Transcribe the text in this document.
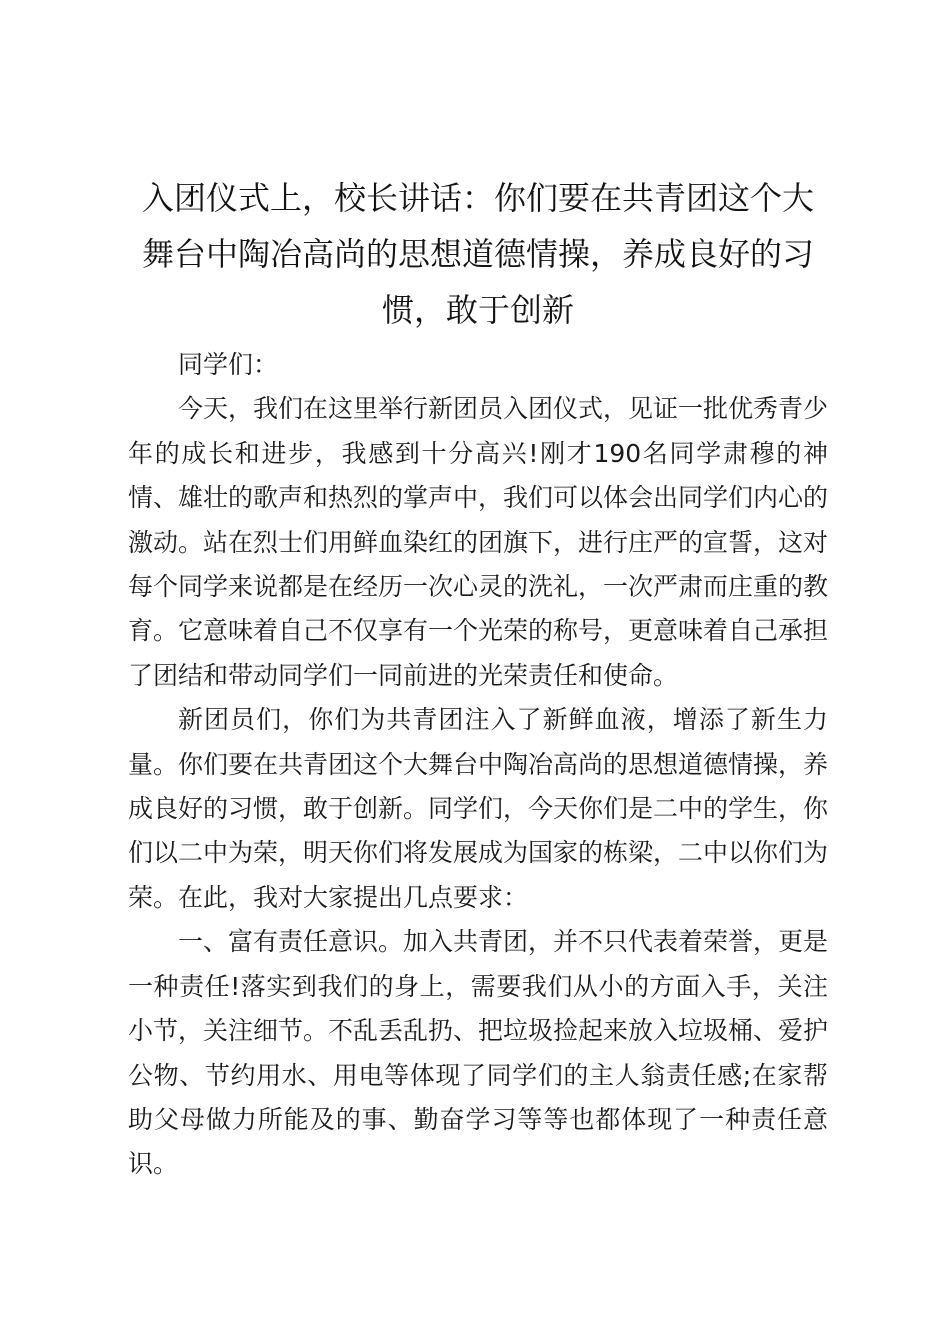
入团仪式上，校长讲话：你们要在共青团这个大舞台中陶冶高尚的思想道德情操，养成良好的习惯，敢于创新

同学们：

今天，我们在这里举行新团员入团仪式，见证一批优秀青少年的成长和进步，我感到十分高兴!刚才190名同学肃穆的神情、雄壮的歌声和热烈的掌声中，我们可以体会出同学们内心的激动。站在烈士们用鲜血染红的团旗下，进行庄严的宣誓，这对每个同学来说都是在经历一次心灵的洗礼，一次严肃而庄重的教育。它意味着自己不仅享有一个光荣的称号，更意味着自己承担了团结和带动同学们一同前进的光荣责任和使命。

新团员们，你们为共青团注入了新鲜血液，增添了新生力量。你们要在共青团这个大舞台中陶冶高尚的思想道德情操，养成良好的习惯，敢于创新。同学们，今天你们是二中的学生，你们以二中为荣，明天你们将发展成为国家的栋梁，二中以你们为荣。在此，我对大家提出几点要求：

一、富有责任意识。加入共青团，并不只代表着荣誉，更是一种责任!落实到我们的身上，需要我们从小的方面入手，关注小节，关注细节。不乱丢乱扔、把垃圾捡起来放入垃圾桶、爱护公物、节约用水、用电等体现了同学们的主人翁责任感;在家帮助父母做力所能及的事、勤奋学习等等也都体现了一种责任意识。
